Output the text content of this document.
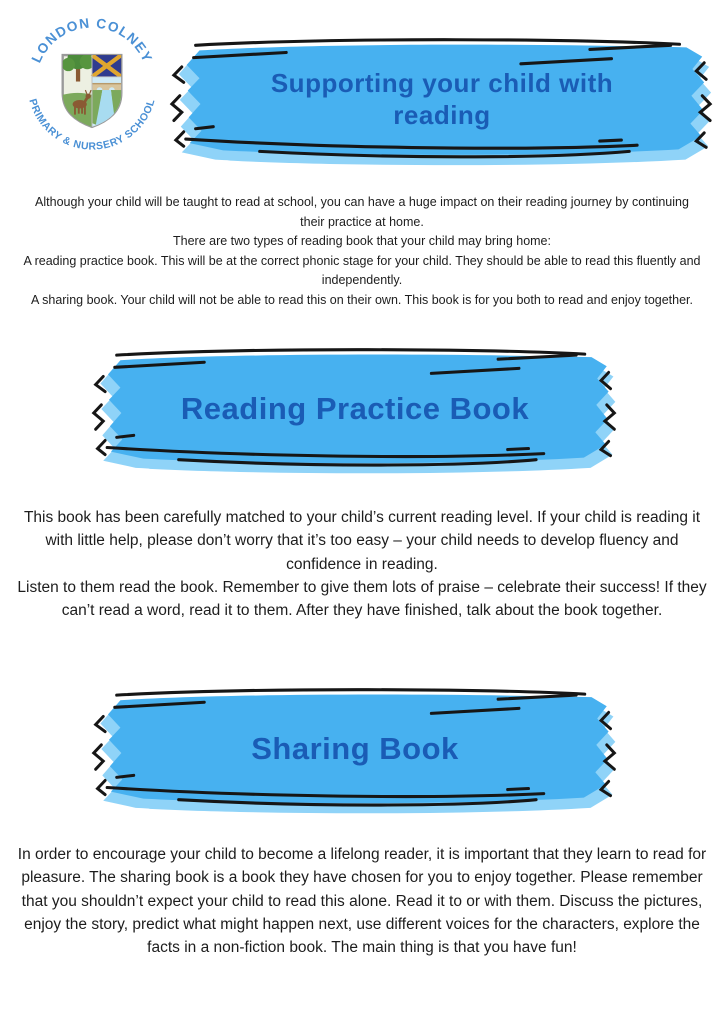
LONDON COLNEY
PRIMARY & NURSERY SCHOOL
Supporting your child with
reading

Although your child will be taught to read at school, you can have a huge impact on their reading journey by continuing their practice at home.

There are two types of reading book that your child may bring home:

A reading practice book. This will be at the correct phonic stage for your child. They should be able to read this fluently and independently.

A sharing book. Your child will not be able to read this on their own. This book is for you both to read and enjoy together.

Reading Practice Book

This book has been carefully matched to your child’s current reading level. If your child is reading it with little help, please don’t worry that it’s too easy – your child needs to develop fluency and confidence in reading.

Listen to them read the book. Remember to give them lots of praise – celebrate their success! If they can’t read a word, read it to them. After they have finished, talk about the book together.

Sharing Book

In order to encourage your child to become a lifelong reader, it is important that they learn to read for pleasure. The sharing book is a book they have chosen for you to enjoy together. Please remember that you shouldn’t expect your child to read this alone. Read it to or with them. Discuss the pictures, enjoy the story, predict what might happen next, use different voices for the characters, explore the facts in a non-fiction book. The main thing is that you have fun!
